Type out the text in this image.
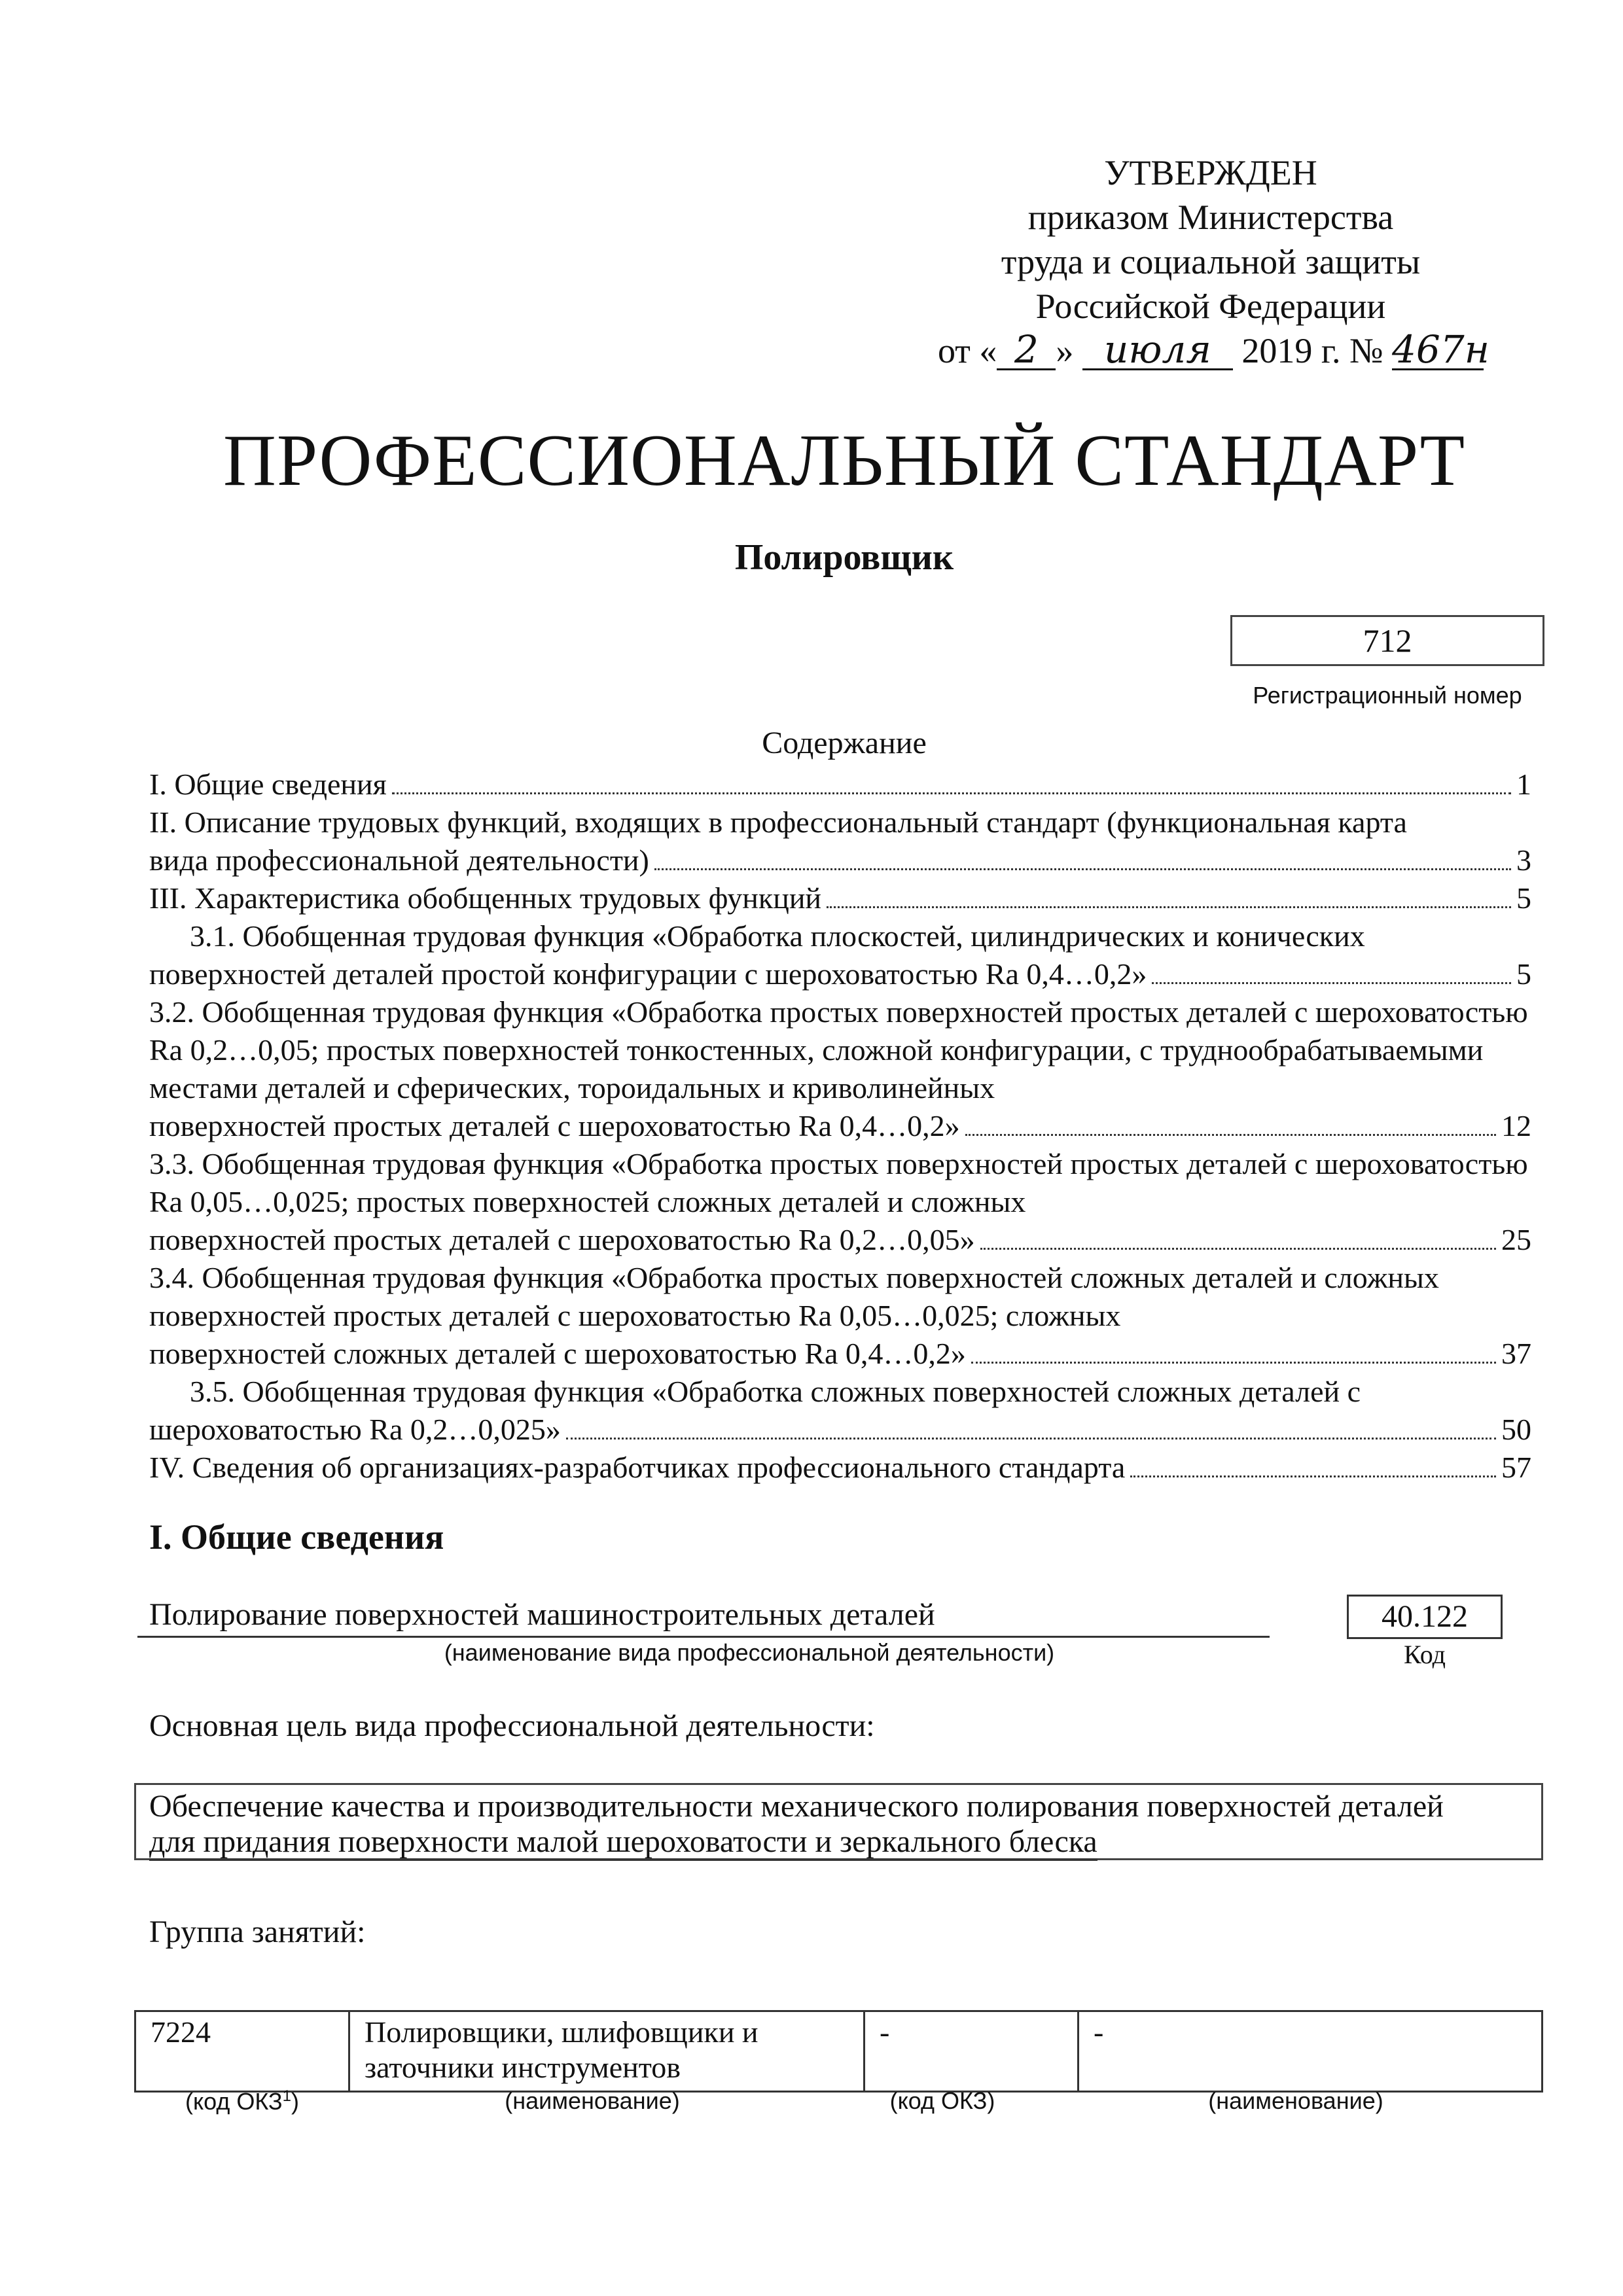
УТВЕРЖДЕН
приказом Министерства
труда и социальной защиты
Российской Федерации
от « 2 » июля 2019 г. № 467н
ПРОФЕССИОНАЛЬНЫЙ СТАНДАРТ
Полировщик
712
Регистрационный номер
Содержание
I. Общие сведения	1
II. Описание трудовых функций, входящих в профессиональный стандарт (функциональная карта
вида профессиональной деятельности)	3
III. Характеристика обобщенных трудовых функций	5
3.1. Обобщенная трудовая функция «Обработка плоскостей, цилиндрических и конических
поверхностей деталей простой конфигурации с шероховатостью Ra 0,4…0,2»	5
3.2. Обобщенная трудовая функция «Обработка простых поверхностей простых деталей с шероховатостью Ra 0,2…0,05; простых поверхностей тонкостенных, сложной конфигурации, с труднообрабатываемыми местами деталей и сферических, тороидальных и криволинейных
поверхностей простых деталей с шероховатостью Ra 0,4…0,2»	12
3.3. Обобщенная трудовая функция «Обработка простых поверхностей простых деталей с шероховатостью Ra 0,05…0,025; простых поверхностей сложных деталей и сложных
поверхностей простых деталей с шероховатостью Ra 0,2…0,05»	25
3.4. Обобщенная трудовая функция «Обработка простых поверхностей сложных деталей и сложных поверхностей простых деталей с шероховатостью Ra 0,05…0,025; сложных
поверхностей сложных деталей с шероховатостью Ra 0,4…0,2»	37
3.5. Обобщенная трудовая функция «Обработка сложных поверхностей сложных деталей с
шероховатостью Ra 0,2…0,025»	50
IV. Сведения об организациях-разработчиках профессионального стандарта	57
I. Общие сведения
Полирование поверхностей машиностроительных деталей
(наименование вида профессиональной деятельности)
40.122
Код
Основная цель вида профессиональной деятельности:
Обеспечение качества и производительности механического полирования поверхностей деталей
для придания поверхности малой шероховатости и зеркального блеска
Группа занятий:
7224	Полировщики, шлифовщики и заточники инструментов	-	-
(код ОКЗ$^1$)	(наименование)	(код ОКЗ)	(наименование)
